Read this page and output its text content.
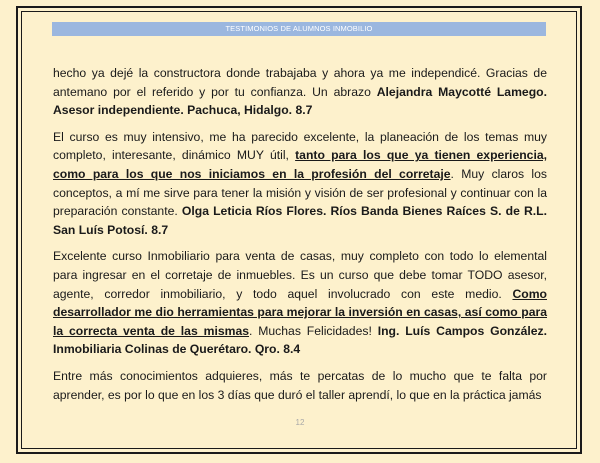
TESTIMONIOS DE ALUMNOS INMOBILIO

hecho ya dejé la constructora donde trabajaba y ahora ya me independicé. Gracias de antemano por el referido y por tu confianza. Un abrazo Alejandra Maycotté Lamego. Asesor independiente. Pachuca, Hidalgo. 8.7

El curso es muy intensivo, me ha parecido excelente, la planeación de los temas muy completo, interesante, dinámico MUY útil, tanto para los que ya tienen experiencia, como para los que nos iniciamos en la profesión del corretaje. Muy claros los conceptos, a mí me sirve para tener la misión y visión de ser profesional y continuar con la preparación constante. Olga Leticia Ríos Flores. Ríos Banda Bienes Raíces S. de R.L. San Luís Potosí. 8.7

Excelente curso Inmobiliario para venta de casas, muy completo con todo lo elemental para ingresar en el corretaje de inmuebles. Es un curso que debe tomar TODO asesor, agente, corredor inmobiliario, y todo aquel involucrado con este medio. Como desarrollador me dio herramientas para mejorar la inversión en casas, así como para la correcta venta de las mismas. Muchas Felicidades! Ing. Luís Campos González. Inmobiliaria Colinas de Querétaro. Qro. 8.4

Entre más conocimientos adquieres, más te percatas de lo mucho que te falta por aprender, es por lo que en los 3 días que duró el taller aprendí, lo que en la práctica jamás

12
